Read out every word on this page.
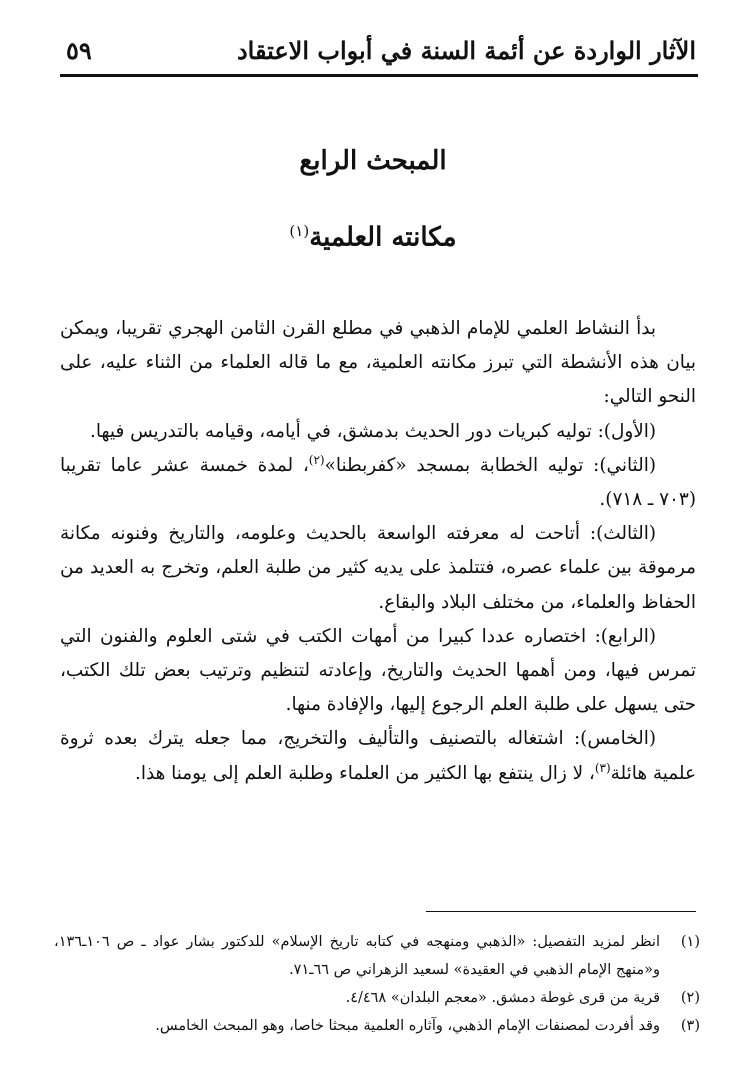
الآثار الواردة عن أئمة السنة في أبواب الاعتقاد
٥٩
المبحث الرابع
مكانته العلمية$^{(١)}$

بدأ النشاط العلمي للإمام الذهبي في مطلع القرن الثامن الهجري تقريبا، ويمكن بيان هذه الأنشطة التي تبرز مكانته العلمية، مع ما قاله العلماء من الثناء عليه، على النحو التالي:

(الأول): توليه كبريات دور الحديث بدمشق، في أيامه، وقيامه بالتدريس فيها.

(الثاني): توليه الخطابة بمسجد «كفربطنا»$^{(٢)}$، لمدة خمسة عشر عاما تقريبا (٧٠٣ ـ ٧١٨).

(الثالث): أتاحت له معرفته الواسعة بالحديث وعلومه، والتاريخ وفنونه مكانة مرموقة بين علماء عصره، فتتلمذ على يديه كثير من طلبة العلم، وتخرج به العديد من الحفاظ والعلماء، من مختلف البلاد والبقاع.

(الرابع): اختصاره عددا كبيرا من أمهات الكتب في شتى العلوم والفنون التي تمرس فيها، ومن أهمها الحديث والتاريخ، وإعادته لتنظيم وترتيب بعض تلك الكتب، حتى يسهل على طلبة العلم الرجوع إليها، والإفادة منها.

(الخامس): اشتغاله بالتصنيف والتأليف والتخريج، مما جعله يترك بعده ثروة علمية هائلة$^{(٣)}$، لا زال ينتفع بها الكثير من العلماء وطلبة العلم إلى يومنا هذا.

(١)
انظر لمزيد التفصيل: «الذهبي ومنهجه في كتابه تاريخ الإسلام» للدكتور بشار عواد ـ ص ١٠٦ـ١٣٦، و«منهج الإمام الذهبي في العقيدة» لسعيد الزهراني ص ٦٦ـ٧١.
(٢)
قرية من قرى غوطة دمشق. «معجم البلدان» ٤/٤٦٨.
(٣)
وقد أفردت لمصنفات الإمام الذهبي، وآثاره العلمية مبحثا خاصا، وهو المبحث الخامس.
